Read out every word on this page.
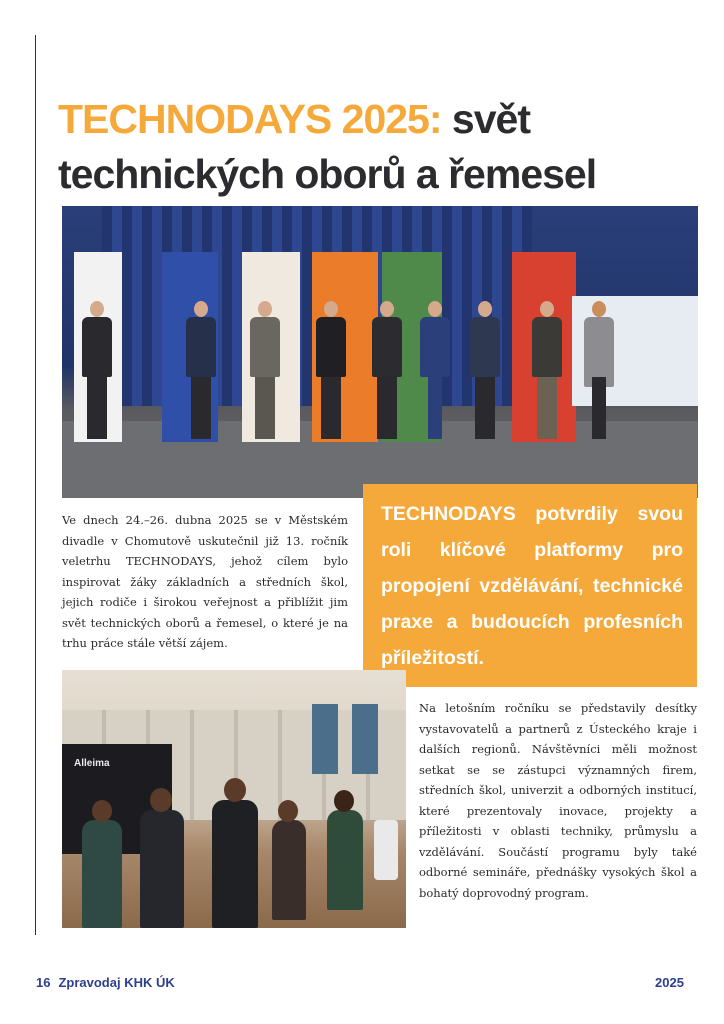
TECHNODAYS 2025: svět technických oborů a řemesel

Ve dnech 24.–26. dubna 2025 se v Městském divadle v Chomutově uskutečnil již 13. ročník veletrhu TECHNODAYS, jehož cílem bylo inspirovat žáky základních a středních škol, jejich rodiče i širokou veřejnost a přiblížit jim svět technických oborů a řemesel, o které je na trhu práce stále větší zájem.

TECHNODAYS potvrdily svou roli klíčové platformy pro propojení vzdělávání, technické praxe a budoucích profesních příležitostí.

Alleima

Na letošním ročníku se představily desítky vystavovatelů a partnerů z Ústeckého kraje i dalších regionů. Návštěvníci měli možnost setkat se se zástupci významných firem, středních škol, univerzit a odborných institucí, které prezentovaly inovace, projekty a příležitosti v oblasti techniky, průmyslu a vzdělávání. Součástí programu byly také odborné semináře, přednášky vysokých škol a bohatý doprovodný program.

16 Zpravodaj KHK ÚK	2025
